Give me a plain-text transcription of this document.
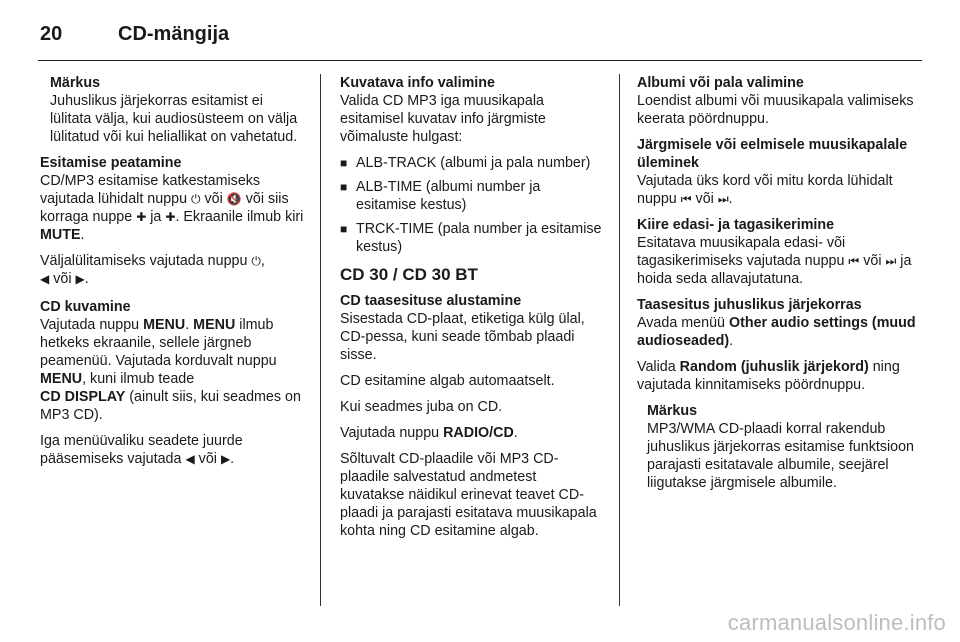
20	CD-mängija

Märkus

Juhuslikus järjekorras esitamist ei lülitata välja, kui audiosüsteem on välja lülitatud või kui heliallikat on vahetatud.

Esitamise peatamine

CD/MP3 esitamise katkestamiseks vajutada lühidalt nuppu ⏻ või 🔇 või siis korraga nuppe ✚ ja ✚. Ekraanile ilmub kiri MUTE.

Väljalülitamiseks vajutada nuppu ⏻,
◀ või ▶.

CD kuvamine

Vajutada nuppu MENU. MENU ilmub hetkeks ekraanile, sellele järgneb peamenüü. Vajutada korduvalt nuppu MENU, kuni ilmub teade
CD DISPLAY (ainult siis, kui seadmes on MP3 CD).

Iga menüüvaliku seadete juurde pääsemiseks vajutada ◀ või ▶.

Kuvatava info valimine

Valida CD MP3 iga muusikapala esitamisel kuvatav info järgmiste võimaluste hulgast:

■ ALB-TRACK (albumi ja pala number)
■ ALB-TIME (albumi number ja esitamise kestus)
■ TRCK-TIME (pala number ja esitamise kestus)

CD 30 / CD 30 BT

CD taasesituse alustamine

Sisestada CD-plaat, etiketiga külg ülal, CD-pessa, kuni seade tõmbab plaadi sisse.

CD esitamine algab automaatselt.

Kui seadmes juba on CD.

Vajutada nuppu RADIO/CD.

Sõltuvalt CD-plaadile või MP3 CD-plaadile salvestatud andmetest kuvatakse näidikul erinevat teavet CD-plaadi ja parajasti esitatava muusikapala kohta ning CD esitamine algab.

Albumi või pala valimine

Loendist albumi või muusikapala valimiseks keerata pöördnuppu.

Järgmisele või eelmisele muusikapalale üleminek

Vajutada üks kord või mitu korda lühidalt nuppu ⏮ või ⏭.

Kiire edasi- ja tagasikerimine

Esitatava muusikapala edasi- või tagasikerimiseks vajutada nuppu ⏮ või ⏭ ja hoida seda allavajutatuna.

Taasesitus juhuslikus järjekorras

Avada menüü Other audio settings (muud audioseaded).

Valida Random (juhuslik järjekord) ning vajutada kinnitamiseks pöördnuppu.

Märkus

MP3/WMA CD-plaadi korral rakendub juhuslikus järjekorras esitamise funktsioon parajasti esitatavale albumile, seejärel liigutakse järgmisele albumile.

carmanualsonline.info
